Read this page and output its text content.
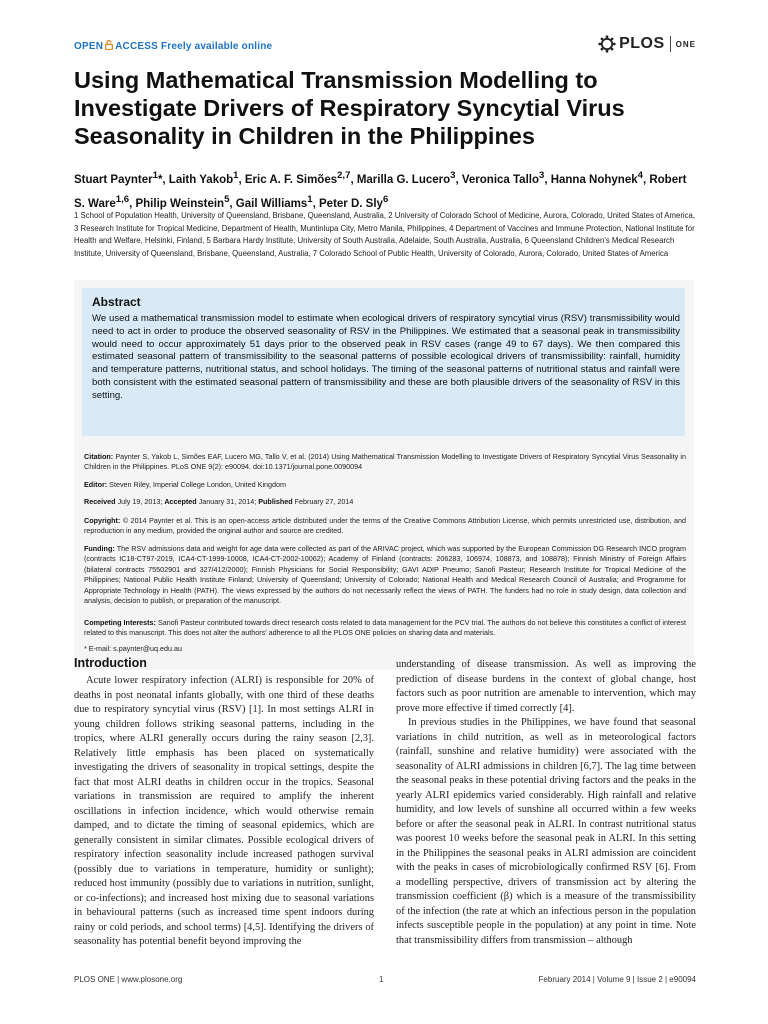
OPEN ACCESS Freely available online	PLOS ONE
Using Mathematical Transmission Modelling to Investigate Drivers of Respiratory Syncytial Virus Seasonality in Children in the Philippines
Stuart Paynter$^1$*, Laith Yakob$^1$, Eric A. F. Simões$^{2,7}$, Marilla G. Lucero$^3$, Veronica Tallo$^3$, Hanna Nohynek$^4$, Robert S. Ware$^{1,6}$, Philip Weinstein$^5$, Gail Williams$^1$, Peter D. Sly$^6$
1 School of Population Health, University of Queensland, Brisbane, Queensland, Australia, 2 University of Colorado School of Medicine, Aurora, Colorado, United States of America, 3 Research Institute for Tropical Medicine, Department of Health, Muntinlupa City, Metro Manila, Philippines, 4 Department of Vaccines and Immune Protection, National Institute for Health and Welfare, Helsinki, Finland, 5 Barbara Hardy Institute, University of South Australia, Adelaide, South Australia, Australia, 6 Queensland Children's Medical Research Institute, University of Queensland, Brisbane, Queensland, Australia, 7 Colorado School of Public Health, University of Colorado, Aurora, Colorado, United States of America
Abstract
We used a mathematical transmission model to estimate when ecological drivers of respiratory syncytial virus (RSV) transmissibility would need to act in order to produce the observed seasonality of RSV in the Philippines. We estimated that a seasonal peak in transmissibility would need to occur approximately 51 days prior to the observed peak in RSV cases (range 49 to 67 days). We then compared this estimated seasonal pattern of transmissibility to the seasonal patterns of possible ecological drivers of transmissibility: rainfall, humidity and temperature patterns, nutritional status, and school holidays. The timing of the seasonal patterns of nutritional status and rainfall were both consistent with the estimated seasonal pattern of transmissibility and these are both plausible drivers of the seasonality of RSV in this setting.
Citation: Paynter S, Yakob L, Simões EAF, Lucero MG, Tallo V, et al. (2014) Using Mathematical Transmission Modelling to Investigate Drivers of Respiratory Syncytial Virus Seasonality in Children in the Philippines. PLoS ONE 9(2): e90094. doi:10.1371/journal.pone.0090094
Editor: Steven Riley, Imperial College London, United Kingdom
Received July 19, 2013; Accepted January 31, 2014; Published February 27, 2014
Copyright: © 2014 Paynter et al. This is an open-access article distributed under the terms of the Creative Commons Attribution License, which permits unrestricted use, distribution, and reproduction in any medium, provided the original author and source are credited.
Funding: The RSV admissions data and weight for age data were collected as part of the ARIVAC project, which was supported by the European Commission DG Research INCO program (contracts IC18-CT97-2019, ICA4-CT-1999-10008, ICA4-CT-2002-10062); Academy of Finland (contracts: 206283, 106974, 108873, and 108878); Finnish Ministry of Foreign Affairs (bilateral contracts 75502901 and 327/412/2000); Finnish Physicians for Social Responsibility; GAVI ADIP Pneumo; Sanofi Pasteur; Research Institute for Tropical Medicine of the Philippines; National Public Health Institute Finland; University of Queensland; University of Colorado; National Health and Medical Research Council of Australia; and Programme for Appropriate Technology in Health (PATH). The views expressed by the authors do not necessarily reflect the views of PATH. The funders had no role in study design, data collection and analysis, decision to publish, or preparation of the manuscript.
Competing Interests: Sanofi Pasteur contributed towards direct research costs related to data management for the PCV trial. The authors do not believe this constitutes a conflict of interest related to this manuscript. This does not alter the authors' adherence to all the PLOS ONE policies on sharing data and materials.
* E-mail: s.paynter@uq.edu.au
Introduction

Acute lower respiratory infection (ALRI) is responsible for 20% of deaths in post neonatal infants globally, with one third of these deaths due to respiratory syncytial virus (RSV) [1]. In most settings ALRI in young children follows striking seasonal patterns, including in the tropics, where ALRI generally occurs during the rainy season [2,3]. Relatively little emphasis has been placed on systematically investigating the drivers of seasonality in tropical settings, despite the fact that most ALRI deaths in children occur in the tropics. Seasonal variations in transmission are required to amplify the inherent oscillations in infection incidence, which would otherwise remain damped, and to dictate the timing of seasonal epidemics, which are generally consistent in similar climates. Possible ecological drivers of respiratory infection seasonality include increased pathogen survival (possibly due to variations in temperature, humidity or sunlight); reduced host immunity (possibly due to variations in nutrition, sunlight, or co-infections); and increased host mixing due to seasonal variations in behavioural patterns (such as increased time spent indoors during rainy or cold periods, and school terms) [4,5]. Identifying the drivers of seasonality has potential benefit beyond improving the

understanding of disease transmission. As well as improving the prediction of disease burdens in the context of global change, host factors such as poor nutrition are amenable to intervention, which may prove more effective if timed correctly [4].

In previous studies in the Philippines, we have found that seasonal variations in child nutrition, as well as in meteorological factors (rainfall, sunshine and relative humidity) were associated with the seasonality of ALRI admissions in children [6,7]. The lag time between the seasonal peaks in these potential driving factors and the peaks in the yearly ALRI epidemics varied considerably. High rainfall and relative humidity, and low levels of sunshine all occurred within a few weeks before or after the seasonal peak in ALRI. In contrast nutritional status was poorest 10 weeks before the seasonal peak in ALRI. In this setting in the Philippines the seasonal peaks in ALRI admission are coincident with the peaks in cases of microbiologically confirmed RSV [6]. From a modelling perspective, drivers of transmission act by altering the transmission coefficient (β) which is a measure of the transmissibility of the infection (the rate at which an infectious person in the population infects susceptible people in the population) at any point in time. Note that transmissibility differs from transmission – although

PLOS ONE | www.plosone.org	1	February 2014 | Volume 9 | Issue 2 | e90094
